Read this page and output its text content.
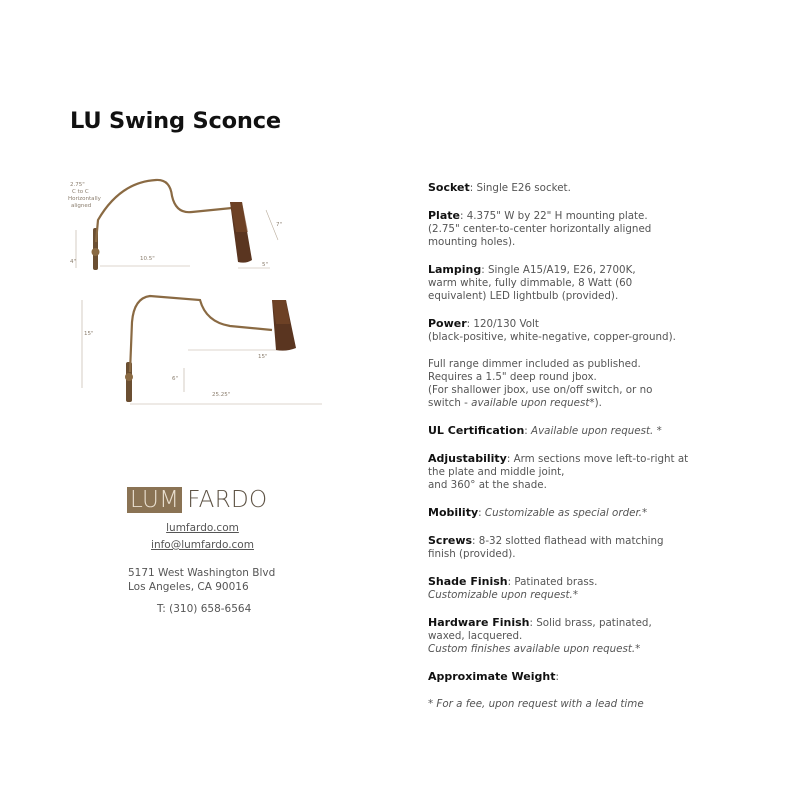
LU Swing Sconce
2.75"
C to C
Horizontally
aligned
4"	10.5"
7"
5"
15"
15"
6"
25.25"
LUM FARDO
lumfardo.com
info@lumfardo.com
5171 West Washington Blvd
Los Angeles, CA 90016
T: (310) 658-6564
Socket: Single E26 socket.
Plate: 4.375" W by 22" H mounting plate.
(2.75" center-to-center horizontally aligned
mounting holes).
Lamping: Single A15/A19, E26, 2700K,
warm white, fully dimmable, 8 Watt (60
equivalent) LED lightbulb (provided).
Power: 120/130 Volt
(black-positive, white-negative, copper-ground).
Full range dimmer included as published.
Requires a 1.5" deep round jbox.
(For shallower jbox, use on/off switch, or no
switch - available upon request*).
UL Certification: Available upon request. *
Adjustability: Arm sections move left-to-right at
the plate and middle joint,
and 360° at the shade.
Mobility: Customizable as special order.*
Screws: 8-32 slotted flathead with matching
finish (provided).
Shade Finish: Patinated brass.
Customizable upon request.*
Hardware Finish: Solid brass, patinated,
waxed, lacquered.
Custom finishes available upon request.*
Approximate Weight:
* For a fee, upon request with a lead time
